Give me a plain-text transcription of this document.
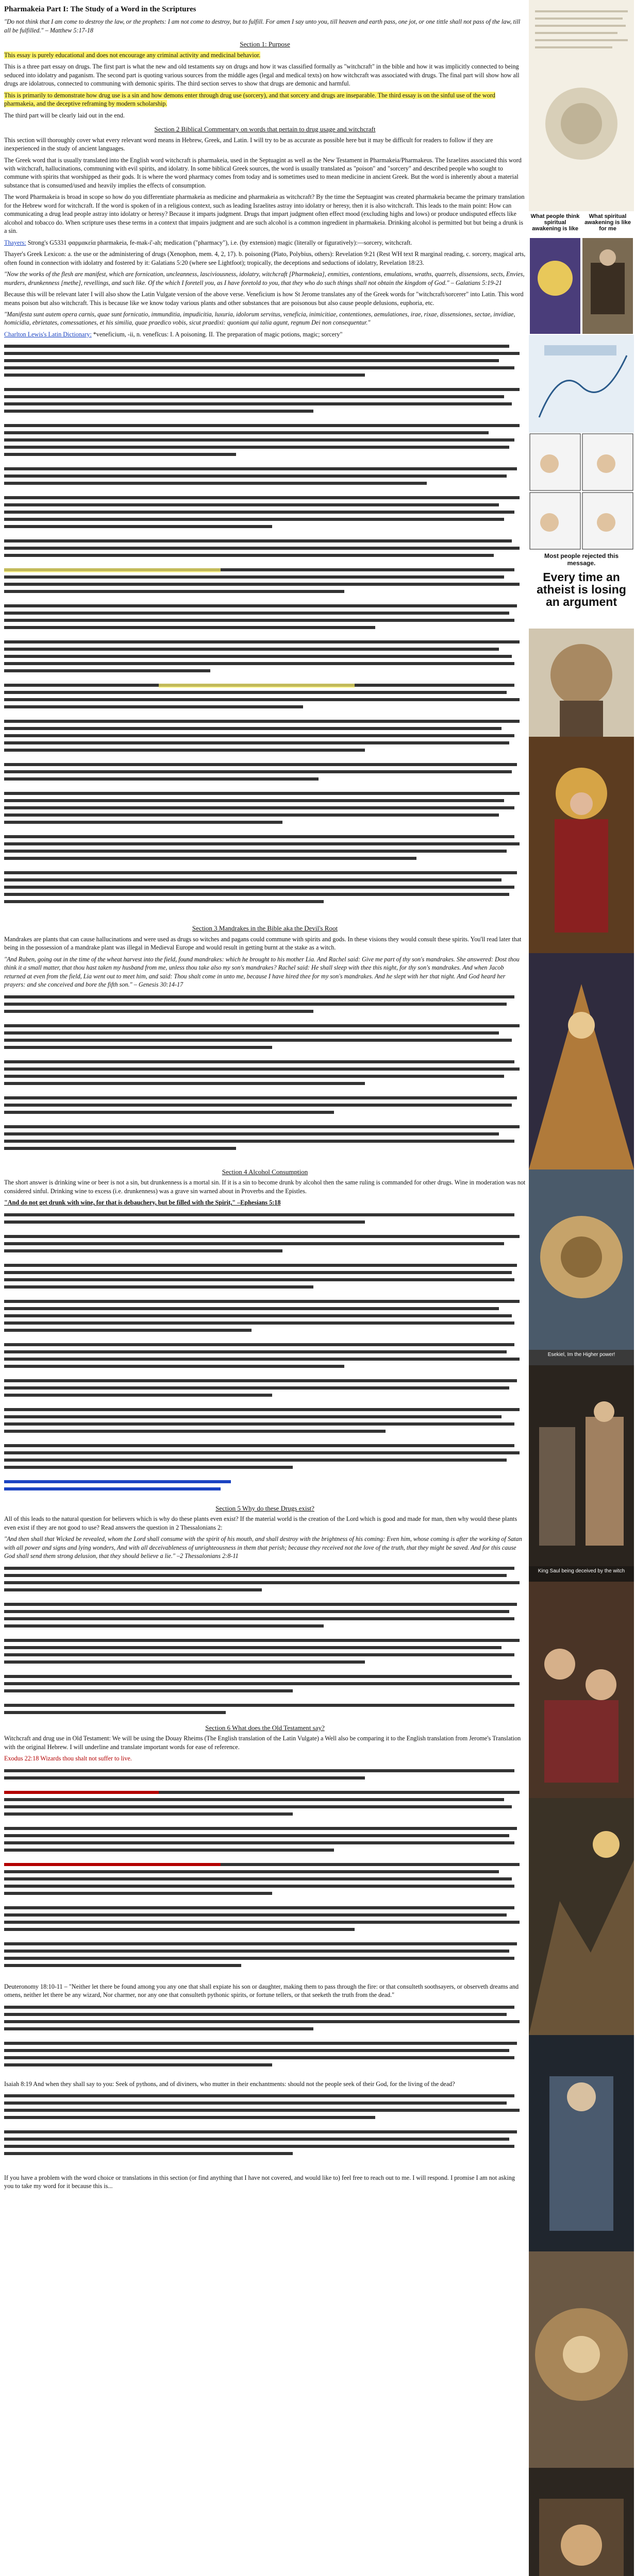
Pharmakeia Part I: The Study of a Word in the Scriptures

"Do not think that I am come to destroy the law, or the prophets: I am not come to destroy, but to fulfill. For amen I say unto you, till heaven and earth pass, one jot, or one tittle shall not pass of the law, till all be fulfilled." – Matthew 5:17-18

Section 1: Purpose

This essay is purely educational and does not encourage any criminal activity and medicinal behavior.

This is a three part essay on drugs. The first part is what the new and old testaments say on drugs and how it was classified formally as "witchcraft" in the bible and how it was implicitly connected to being seduced into idolatry and paganism. The second part is quoting various sources from the middle ages (legal and medical texts) on how witchcraft was associated with drugs. The final part will show how all drugs are idolatrous, connected to communing with demonic spirits. The third section serves to show that drugs are demonic and harmful.

This is primarily to demonstrate how drug use is a sin and how demons enter through drug use (sorcery), and that sorcery and drugs are inseparable. The third essay is on the sinful use of the word pharmakeia, and the deceptive reframing by modern scholarship.

The third part will be clearly laid out in the end.

Section 2 Biblical Commentary on words that pertain to drug usage and witchcraft

This section will thoroughly cover what every relevant word means in Hebrew, Greek, and Latin. I will try to be as accurate as possible here but it may be difficult for readers to follow if they are inexperienced in the study of ancient languages.

The Greek word that is usually translated into the English word witchcraft is pharmakeia, used in the Septuagint as well as the New Testament in Pharmakeia/Pharmakeus. The Israelites associated this word with witchcraft, hallucinations, communing with evil spirits, and idolatry. In some biblical Greek sources, the word is usually translated as "poison" and "sorcery" and described people who sought to commune with spirits that worshipped as their gods. It is where the word pharmacy comes from today and is sometimes used to mean medicine in ancient Greek. But the word is inherently about a material substance that is consumed/used and heavily implies the effects of consumption.

The word Pharmakeia is broad in scope so how do you differentiate pharmakeia as medicine and pharmakeia as witchcraft? By the time the Septuagint was created pharmakeia became the primary translation for the Hebrew word for witchcraft. If the word is spoken of in a religious context, such as leading Israelites astray into idolatry or heresy, then it is also witchcraft. This leads to the main point: How can communicating a drug lead people astray into idolatry or heresy? Because it imparts judgment. Drugs that impart judgment often effect mood (excluding highs and lows) or produce undisputed effects like alcohol and tobacco do. When scripture uses these terms in a context that impairs judgment and are such alcohol is a common ingredient in pharmakeia. Drinking alcohol is permitted but but being a drunk is a sin.

Thayers: Strong's G5331 φαρμακεία pharmakeia, fe-mak-í'-ah; medication ("pharmacy"), i.e. (by extension) magic (literally or figuratively):—sorcery, witchcraft.

Thayer's Greek Lexicon: a. the use or the administering of drugs (Xenophon, mem. 4, 2, 17). b. poisoning (Plato, Polybius, others): Revelation 9:21 (Rest WH text R marginal reading, c. sorcery, magical arts, often found in connection with idolatry and fostered by it: Galatians 5:20 (where see Lightfoot); tropically, the deceptions and seductions of idolatry, Revelation 18:23.

"Now the works of the flesh are manifest, which are fornication, uncleanness, lasciviousness, idolatry, witchcraft [Pharmakeia], enmities, contentions, emulations, wraths, quarrels, dissensions, sects, Envies, murders, drunkenness [methe], revellings, and such like. Of the which I foretell you, as I have foretold to you, that they who do such things shall not obtain the kingdom of God." – Galatians 5:19-21

Because this will be relevant later I will also show the Latin Vulgate version of the above verse. Veneficium is how St Jerome translates any of the Greek words for "witchcraft/sorcerer" into Latin. This word means poison but also witchcraft. This is because like we know today various plants and other substances that are poisonous but also cause people delusions, euphoria, etc.

"Manifesta sunt autem opera carnis, quae sunt fornicatio, immunditia, impudicitia, luxuria, idolorum servitus, veneficia, inimicitiae, contentiones, aemulationes, irae, rixae, dissensiones, sectae, invidiae, homicidia, ebrietates, comessationes, et his similia, quae praedico vobis, sicut praedixi: quoniam qui talia agunt, regnum Dei non consequentur."

Charlton Lewis's Latin Dictionary: *veneficium, -ii, n. venefĭcus: I. A poisoning. II. The preparation of magic potions, magic; sorcery"

Section 3 Mandrakes in the Bible aka the Devil's Root

Mandrakes are plants that can cause hallucinations and were used as drugs so witches and pagans could commune with spirits and gods. In these visions they would consult these spirits. You'll read later that being in the possession of a mandrake plant was illegal in Medieval Europe and would result in getting burnt at the stake as a witch.

"And Ruben, going out in the time of the wheat harvest into the field, found mandrakes: which he brought to his mother Lia. And Rachel said: Give me part of thy son's mandrakes. She answered: Dost thou think it a small matter, that thou hast taken my husband from me, unless thou take also my son's mandrakes? Rachel said: He shall sleep with thee this night, for thy son's mandrakes. And when Jacob returned at even from the field, Lia went out to meet him, and said: Thou shalt come in unto me, because I have hired thee for my son's mandrakes. And he slept with her that night. And God heard her prayers: and she conceived and bore the fifth son." – Genesis 30:14-17

Section 4 Alcohol Consumption

The short answer is drinking wine or beer is not a sin, but drunkenness is a mortal sin. If it is a sin to become drunk by alcohol then the same ruling is commanded for other drugs. Wine in moderation was not considered sinful. Drinking wine to excess (i.e. drunkenness) was a grave sin warned about in Proverbs and the Epistles.

"And do not get drunk with wine, for that is debauchery, but be filled with the Spirit," –Ephesians 5:18

Section 5 Why do these Drugs exist?

All of this leads to the natural question for believers which is why do these plants even exist? If the material world is the creation of the Lord which is good and made for man, then why would these plants even exist if they are not good to use? Read answers the question in 2 Thessalonians 2:

"And then shall that Wicked be revealed, whom the Lord shall consume with the spirit of his mouth, and shall destroy with the brightness of his coming: Even him, whose coming is after the working of Satan with all power and signs and lying wonders, And with all deceivableness of unrighteousness in them that perish; because they received not the love of the truth, that they might be saved. And for this cause God shall send them strong delusion, that they should believe a lie." –2 Thessalonians 2:8-11

Section 6 What does the Old Testament say?

Witchcraft and drug use in Old Testament: We will be using the Douay Rheims (The English translation of the Latin Vulgate) a Well also be comparing it to the English translation from Jerome's Translation with the original Hebrew. I will underline and translate important words for ease of reference.

Exodus 22:18 Wizards thou shalt not suffer to live.

Deuteronomy 18:10-11 – "Neither let there be found among you any one that shall expiate his son or daughter, making them to pass through the fire: or that consulteth soothsayers, or observeth dreams and omens, neither let there be any wizard, Nor charmer, nor any one that consulteth pythonic spirits, or fortune tellers, or that seeketh the truth from the dead."

Isaiah 8:19 And when they shall say to you: Seek of pythons, and of diviners, who mutter in their enchantments: should not the people seek of their God, for the living of the dead?

If you have a problem with the word choice or translations in this section (or find anything that I have not covered, and would like to) feel free to reach out to me. I will respond. I promise I am not asking you to take my word for it because this is...

What people think spiritual awakening is like
What spiritual awakening is like for me
Most people rejected this message.
Every time an atheist is losing an argument
Esekiel, Im the Higher power!
King Saul being deceived by the witch
